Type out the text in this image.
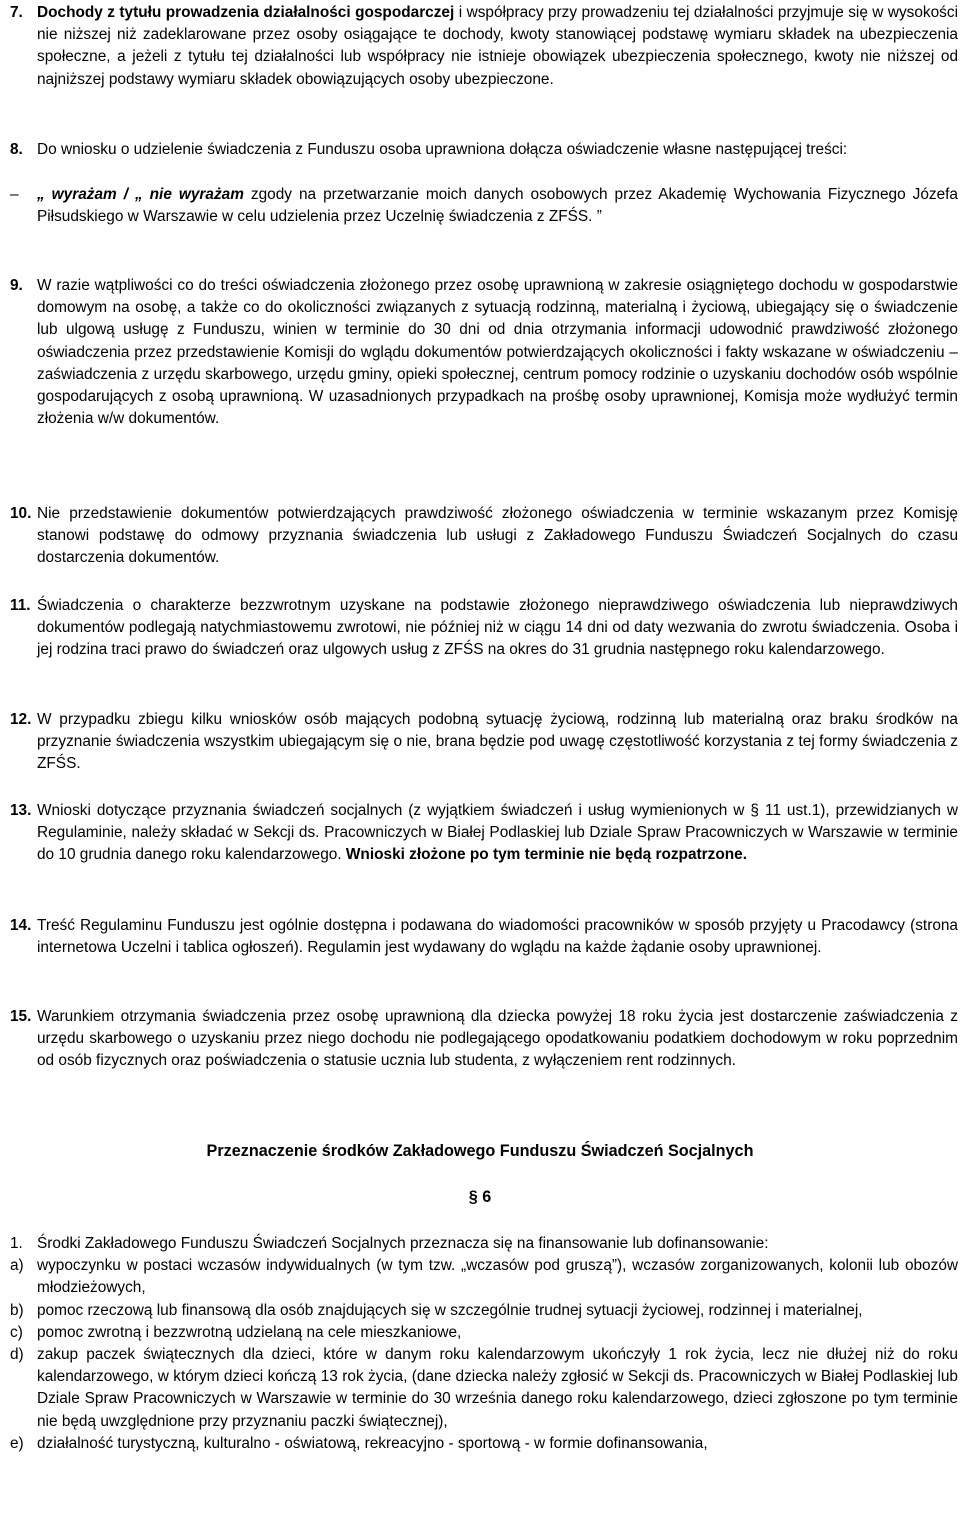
7. Dochody z tytułu prowadzenia działalności gospodarczej i współpracy przy prowadzeniu tej działalności przyjmuje się w wysokości nie niższej niż zadeklarowane przez osoby osiągające te dochody, kwoty stanowiącej podstawę wymiaru składek na ubezpieczenia społeczne, a jeżeli z tytułu tej działalności lub współpracy nie istnieje obowiązek ubezpieczenia społecznego, kwoty nie niższej od najniższej podstawy wymiaru składek obowiązujących osoby ubezpieczone.
8. Do wniosku o udzielenie świadczenia z Funduszu osoba uprawniona dołącza oświadczenie własne następującej treści:
– „ wyrażam / „ nie wyrażam zgody na przetwarzanie moich danych osobowych przez Akademię Wychowania Fizycznego Józefa Piłsudskiego w Warszawie w celu udzielenia przez Uczelnię świadczenia z ZFŚS. ”
9. W razie wątpliwości co do treści oświadczenia złożonego przez osobę uprawnioną w zakresie osiągniętego dochodu w gospodarstwie domowym na osobę, a także co do okoliczności związanych z sytuacją rodzinną, materialną i życiową, ubiegający się o świadczenie lub ulgową usługę z Funduszu, winien w terminie do 30 dni od dnia otrzymania informacji udowodnić prawdziwość złożonego oświadczenia przez przedstawienie Komisji do wglądu dokumentów potwierdzających okoliczności i fakty wskazane w oświadczeniu – zaświadczenia z urzędu skarbowego, urzędu gminy, opieki społecznej, centrum pomocy rodzinie o uzyskaniu dochodów osób wspólnie gospodarujących z osobą uprawnioną. W uzasadnionych przypadkach na prośbę osoby uprawnionej, Komisja może wydłużyć termin złożenia w/w dokumentów.
10. Nie przedstawienie dokumentów potwierdzających prawdziwość złożonego oświadczenia w terminie wskazanym przez Komisję stanowi podstawę do odmowy przyznania świadczenia lub usługi z Zakładowego Funduszu Świadczeń Socjalnych do czasu dostarczenia dokumentów.
11. Świadczenia o charakterze bezzwrotnym uzyskane na podstawie złożonego nieprawdziwego oświadczenia lub nieprawdziwych dokumentów podlegają natychmiastowemu zwrotowi, nie później niż w ciągu 14 dni od daty wezwania do zwrotu świadczenia. Osoba i jej rodzina traci prawo do świadczeń oraz ulgowych usług z ZFŚS na okres do 31 grudnia następnego roku kalendarzowego.
12. W przypadku zbiegu kilku wniosków osób mających podobną sytuację życiową, rodzinną lub materialną oraz braku środków na przyznanie świadczenia wszystkim ubiegającym się o nie, brana będzie pod uwagę częstotliwość korzystania z tej formy świadczenia z ZFŚS.
13. Wnioski dotyczące przyznania świadczeń socjalnych (z wyjątkiem świadczeń i usług wymienionych w § 11 ust.1), przewidzianych w Regulaminie, należy składać w Sekcji ds. Pracowniczych w Białej Podlaskiej lub Dziale Spraw Pracowniczych w Warszawie w terminie do 10 grudnia danego roku kalendarzowego. Wnioski złożone po tym terminie nie będą rozpatrzone.
14. Treść Regulaminu Funduszu jest ogólnie dostępna i podawana do wiadomości pracowników w sposób przyjęty u Pracodawcy (strona internetowa Uczelni i tablica ogłoszeń). Regulamin jest wydawany do wglądu na każde żądanie osoby uprawnionej.
15. Warunkiem otrzymania świadczenia przez osobę uprawnioną dla dziecka powyżej 18 roku życia jest dostarczenie zaświadczenia z urzędu skarbowego o uzyskaniu przez niego dochodu nie podlegającego opodatkowaniu podatkiem dochodowym w roku poprzednim od osób fizycznych oraz poświadczenia o statusie ucznia lub studenta, z wyłączeniem rent rodzinnych.
Przeznaczenie środków Zakładowego Funduszu Świadczeń Socjalnych
§ 6
1. Środki Zakładowego Funduszu Świadczeń Socjalnych przeznacza się na finansowanie lub dofinansowanie:
a) wypoczynku w postaci wczasów indywidualnych (w tym tzw. „wczasów pod gruszą”), wczasów zorganizowanych, kolonii lub obozów młodzieżowych,
b) pomoc rzeczową lub finansową dla osób znajdujących się w szczególnie trudnej sytuacji życiowej, rodzinnej i materialnej,
c) pomoc zwrotną i bezzwrotną udzielaną na cele mieszkaniowe,
d) zakup paczek świątecznych dla dzieci, które w danym roku kalendarzowym ukończyły 1 rok życia, lecz nie dłużej niż do roku kalendarzowego, w którym dzieci kończą 13 rok życia, (dane dziecka należy zgłosić w Sekcji ds. Pracowniczych w Białej Podlaskiej lub Dziale Spraw Pracowniczych w Warszawie w terminie do 30 września danego roku kalendarzowego, dzieci zgłoszone po tym terminie nie będą uwzględnione przy przyznaniu paczki świątecznej),
e) działalność turystyczną, kulturalno - oświatową, rekreacyjno - sportową - w formie dofinansowania,
